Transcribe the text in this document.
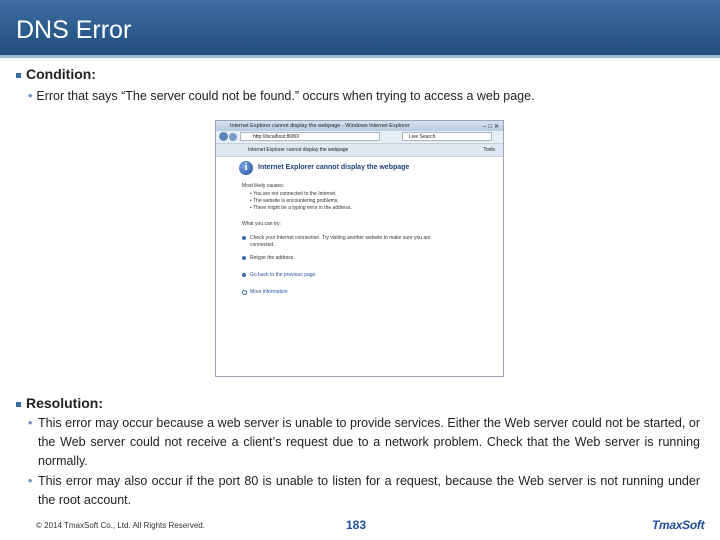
DNS Error
Condition:
• Error that says “The server could not be found.” occurs when trying to access a web page.
Internet Explorer cannot display the webpage - Windows Internet Explorer	‒□✕
http://localhost:8080/	Live Search
Internet Explorer cannot display the webpage	Tools
i	Internet Explorer cannot display the webpage
Most likely causes:
• You are not connected to the Internet.
• The website is encountering problems.
• There might be a typing error in the address.
What you can try:
Check your Internet connection. Try visiting another website to make sure you are
connected.
Retype the address.
Go back to the previous page.
More information
Resolution:
• This error may occur because a web server is unable to provide services. Either the Web server could not be started, or the Web server could not receive a client’s request due to a network problem. Check that the Web server is running normally.
• This error may also occur if the port 80 is unable to listen for a request, because the Web server is not running under the root account.
© 2014 TmaxSoft Co., Ltd. All Rights Reserved.	183	TmaxSoft
